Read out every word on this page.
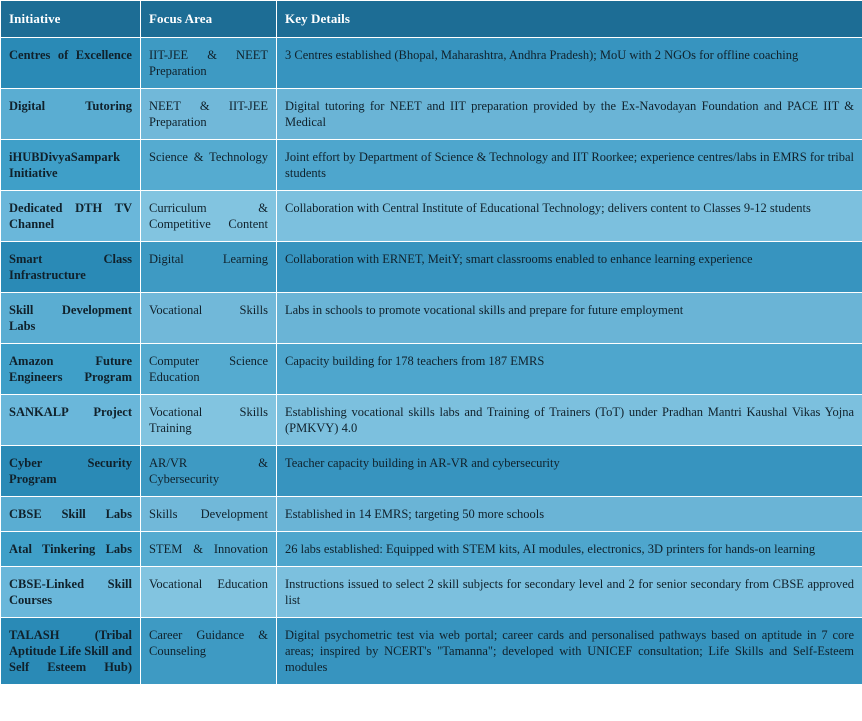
Initiative	Focus Area	Key Details
Centres of Excellence	IIT-JEE & NEET Preparation	3 Centres established (Bhopal, Maharashtra, Andhra Pradesh); MoU with 2 NGOs for offline coaching
Digital Tutoring	NEET & IIT-JEE Preparation	Digital tutoring for NEET and IIT preparation provided by the Ex-Navodayan Foundation and PACE IIT & Medical
iHUBDivyaSampark Initiative	Science & Technology	Joint effort by Department of Science & Technology and IIT Roorkee; experience centres/labs in EMRS for tribal students
Dedicated DTH TV Channel	Curriculum & Competitive Content	Collaboration with Central Institute of Educational Technology; delivers content to Classes 9-12 students
Smart Class Infrastructure	Digital Learning	Collaboration with ERNET, MeitY; smart classrooms enabled to enhance learning experience
Skill Development Labs	Vocational Skills	Labs in schools to promote vocational skills and prepare for future employment
Amazon Future Engineers Program	Computer Science Education	Capacity building for 178 teachers from 187 EMRS
SANKALP Project	Vocational Skills Training	Establishing vocational skills labs and Training of Trainers (ToT) under Pradhan Mantri Kaushal Vikas Yojna (PMKVY) 4.0
Cyber Security Program	AR/VR & Cybersecurity	Teacher capacity building in AR-VR and cybersecurity
CBSE Skill Labs	Skills Development	Established in 14 EMRS; targeting 50 more schools
Atal Tinkering Labs	STEM & Innovation	26 labs established: Equipped with STEM kits, AI modules, electronics, 3D printers for hands-on learning
CBSE-Linked Skill Courses	Vocational Education	Instructions issued to select 2 skill subjects for secondary level and 2 for senior secondary from CBSE approved list
TALASH (Tribal Aptitude Life Skill and Self Esteem Hub)	Career Guidance & Counseling	Digital psychometric test via web portal; career cards and personalised pathways based on aptitude in 7 core areas; inspired by NCERT's "Tamanna"; developed with UNICEF consultation; Life Skills and Self-Esteem modules
